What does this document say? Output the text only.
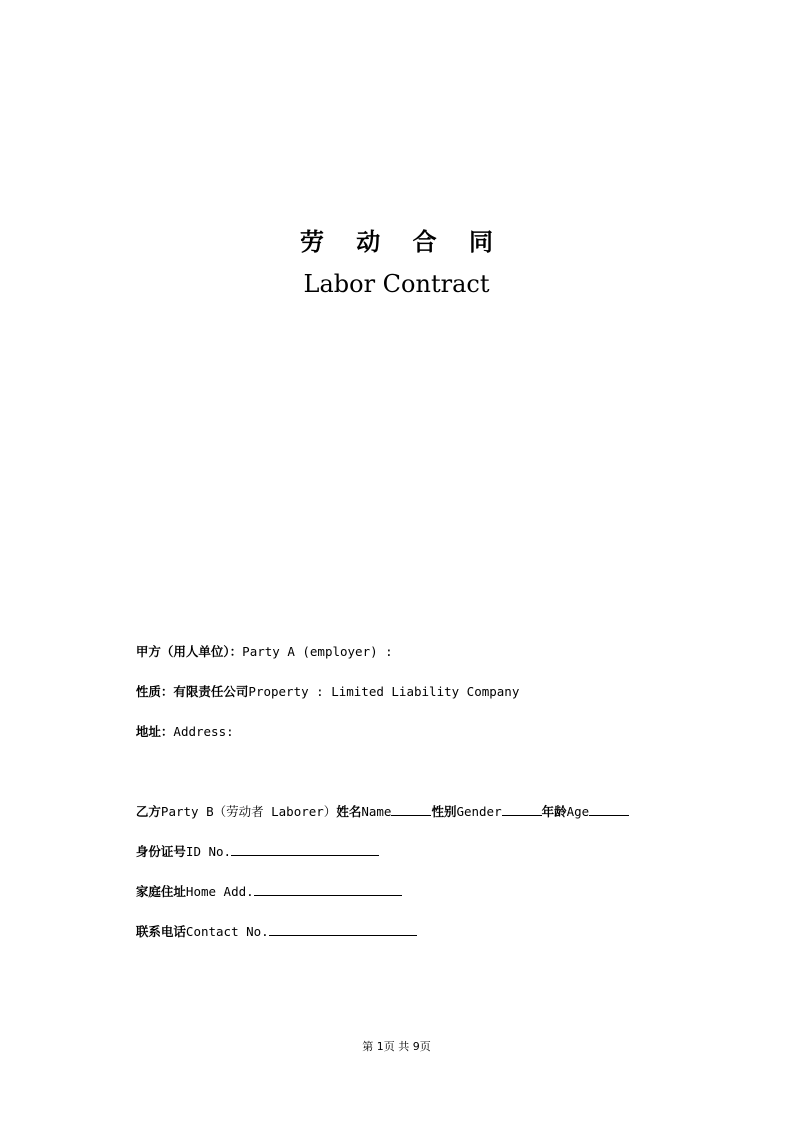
劳 动 合 同
Labor Contract

甲方（用人单位）：Party A (employer) :

性质：有限责任公司Property : Limited Liability Company

地址：Address:

乙方Party B（劳动者 Laborer）姓名Name	性别Gender	年龄Age

身份证号ID No.

家庭住址Home Add.

联系电话Contact No.

第 1页 共 9页
